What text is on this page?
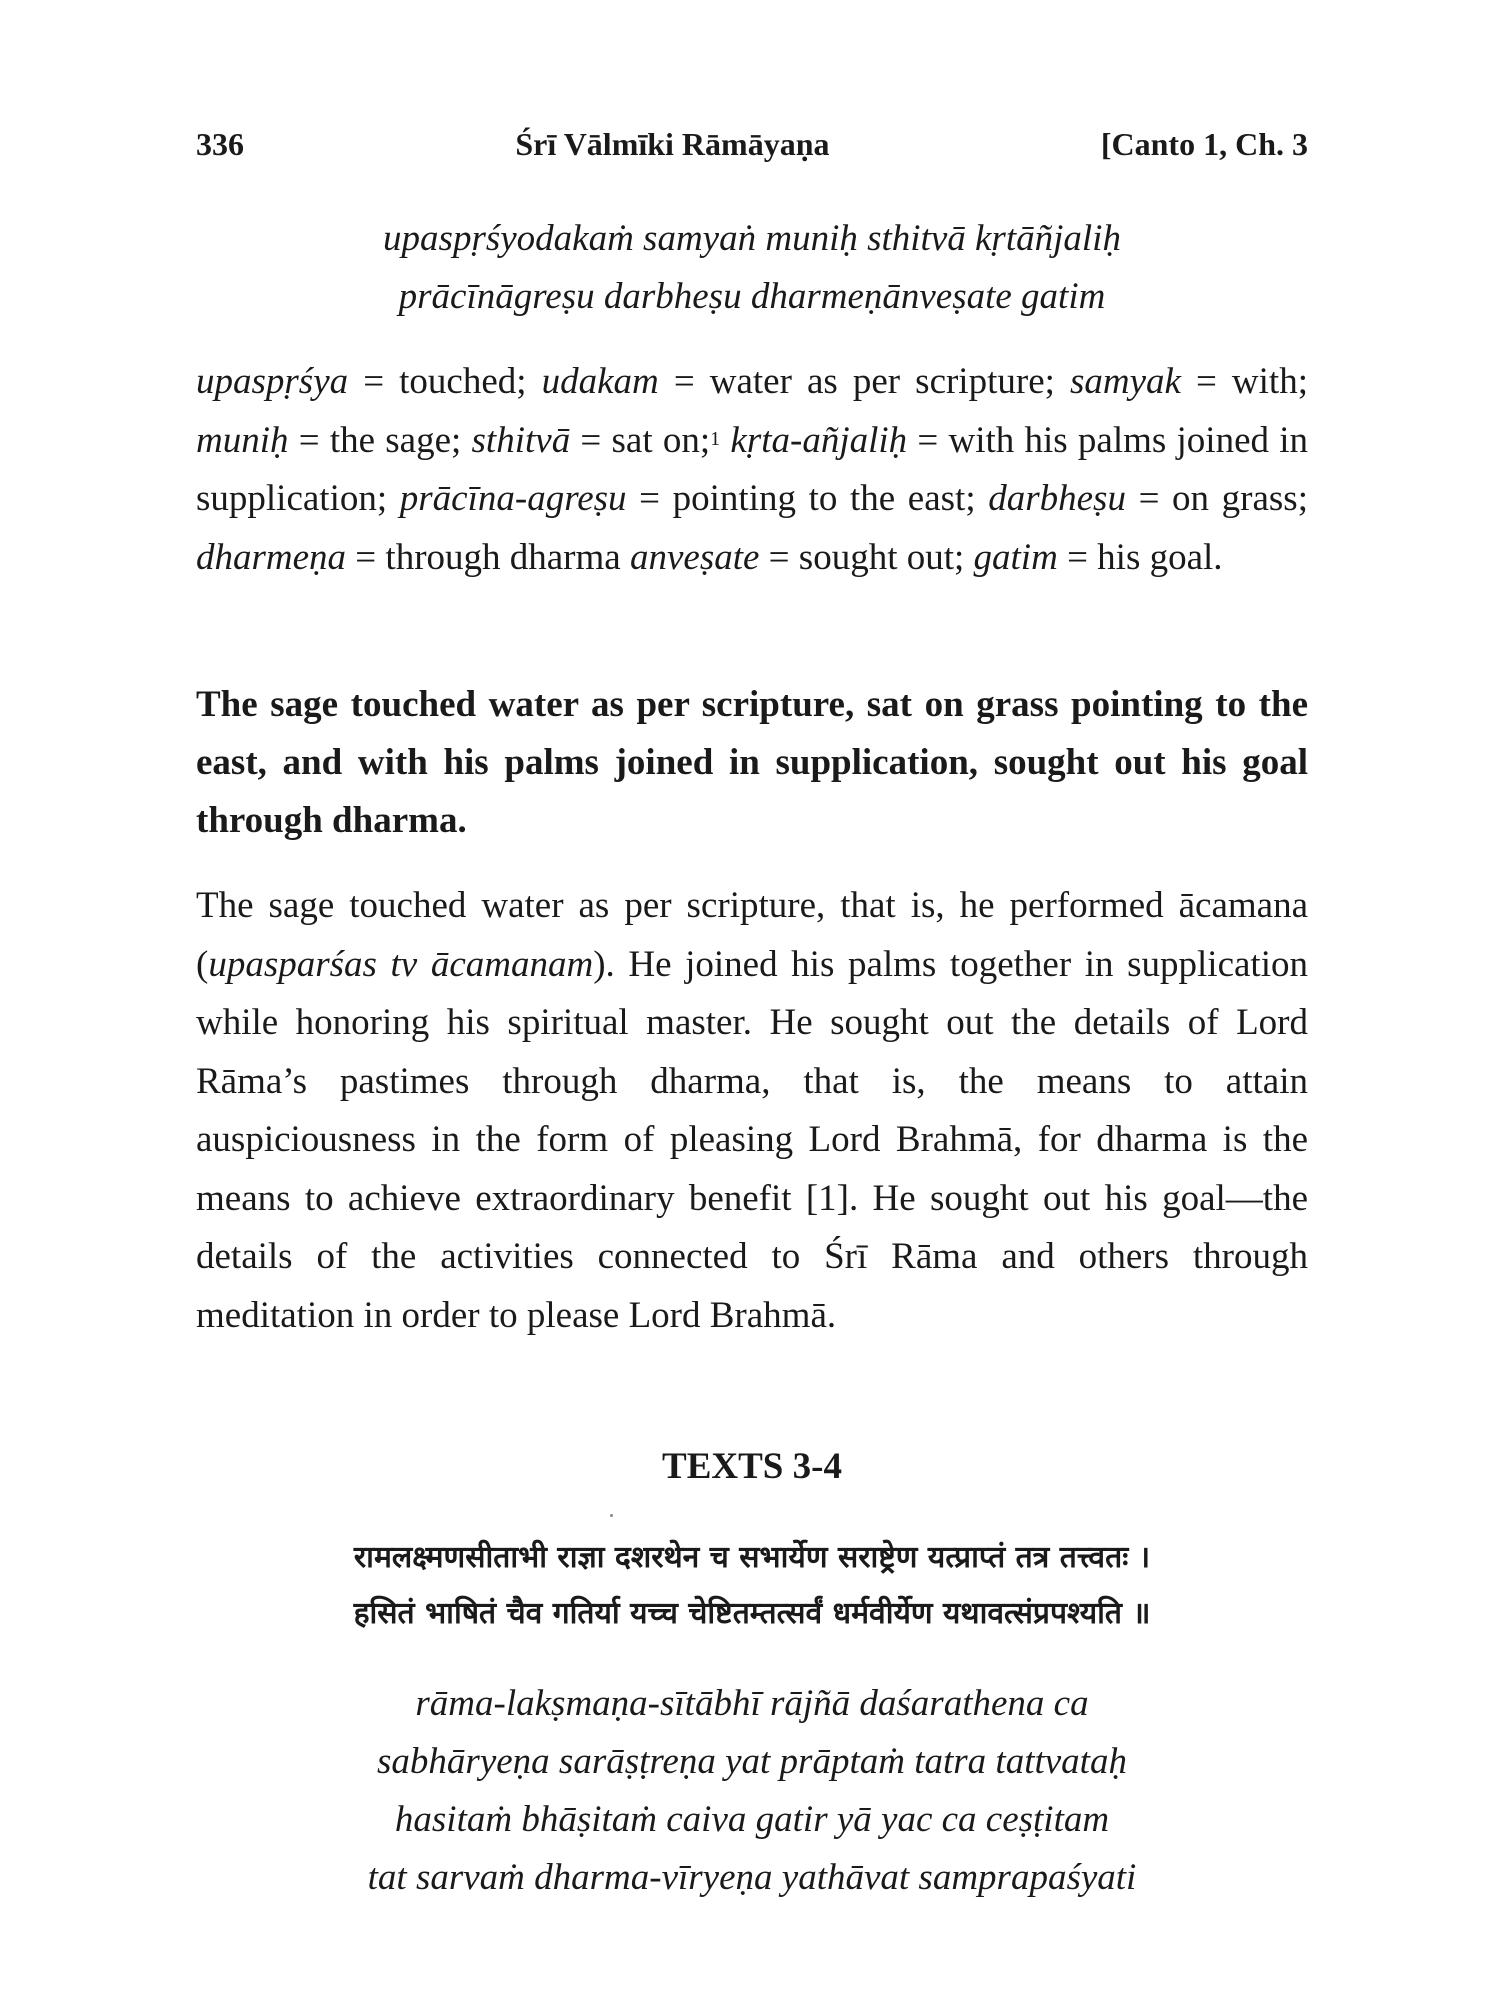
336	Śrī Vālmīki Rāmāyaṇa	[Canto 1, Ch. 3
upaspṛśyodakaṁ samyaṅ muniḥ sthitvā kṛtāñjaliḥ
prācīnāgreṣu darbheṣu dharmeṇānveṣate gatim
upaspṛśya = touched; udakam = water as per scripture; samyak = with; muniḥ = the sage; sthitvā = sat on;$^1$ kṛta-añjaliḥ = with his palms joined in supplication; prācīna-agreṣu = pointing to the east; darbheṣu = on grass; dharmeṇa = through dharma anveṣate = sought out; gatim = his goal.
The sage touched water as per scripture, sat on grass pointing to the east, and with his palms joined in supplication, sought out his goal through dharma.
The sage touched water as per scripture, that is, he performed ācamana (upasparśas tv ācamanam). He joined his palms together in supplication while honoring his spiritual master. He sought out the details of Lord Rāma’s pastimes through dharma, that is, the means to attain auspiciousness in the form of pleasing Lord Brahmā, for dharma is the means to achieve extraordinary benefit [1]. He sought out his goal—the details of the activities connected to Śrī Rāma and others through meditation in order to please Lord Brahmā.
TEXTS 3-4
रामलक्ष्मणसीताभी राज्ञा दशरथेन च सभार्येण सराष्ट्रेण यत्प्राप्तं तत्र तत्त्वतः ।
हसितं भाषितं चैव गतिर्या यच्च चेष्टितम्तत्सर्वं धर्मवीर्येण यथावत्संप्रपश्यति ॥
rāma-lakṣmaṇa-sītābhī rājñā daśarathena ca
sabhāryeṇa sarāṣṭreṇa yat prāptaṁ tatra tattvataḥ
hasitaṁ bhāṣitaṁ caiva gatir yā yac ca ceṣṭitam
tat sarvaṁ dharma-vīryeṇa yathāvat samprapaśyati
